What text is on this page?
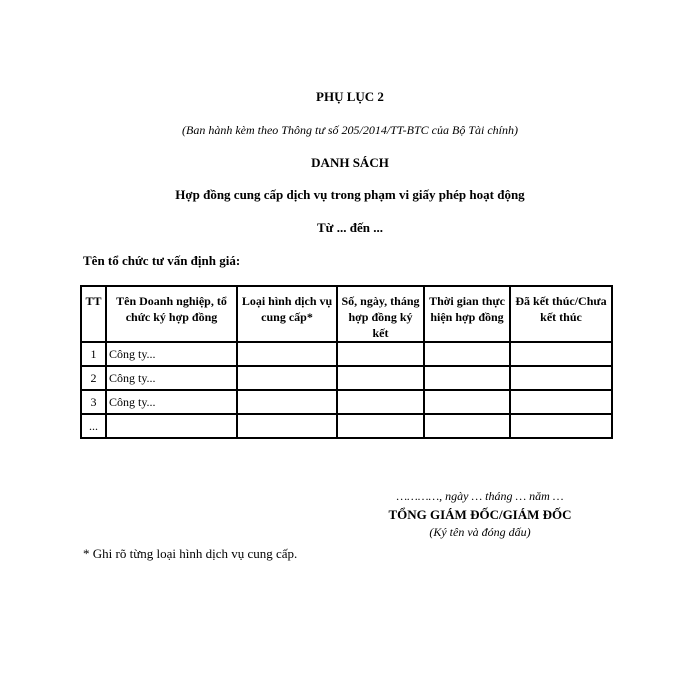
PHỤ LỤC 2
(Ban hành kèm theo Thông tư số 205/2014/TT-BTC của Bộ Tài chính)
DANH SÁCH
Hợp đồng cung cấp dịch vụ trong phạm vi giấy phép hoạt động
Từ ... đến ...
Tên tổ chức tư vấn định giá:
TT	Tên Doanh nghiệp, tổ chức ký hợp đồng	Loại hình dịch vụ cung cấp*	Số, ngày, tháng hợp đồng ký kết	Thời gian thực hiện hợp đồng	Đã kết thúc/Chưa kết thúc
1	Công ty...				
2	Công ty...				
3	Công ty...				
...					
…………, ngày … tháng … năm …
TỔNG GIÁM ĐỐC/GIÁM ĐỐC
(Ký tên và đóng dấu)
* Ghi rõ từng loại hình dịch vụ cung cấp.
